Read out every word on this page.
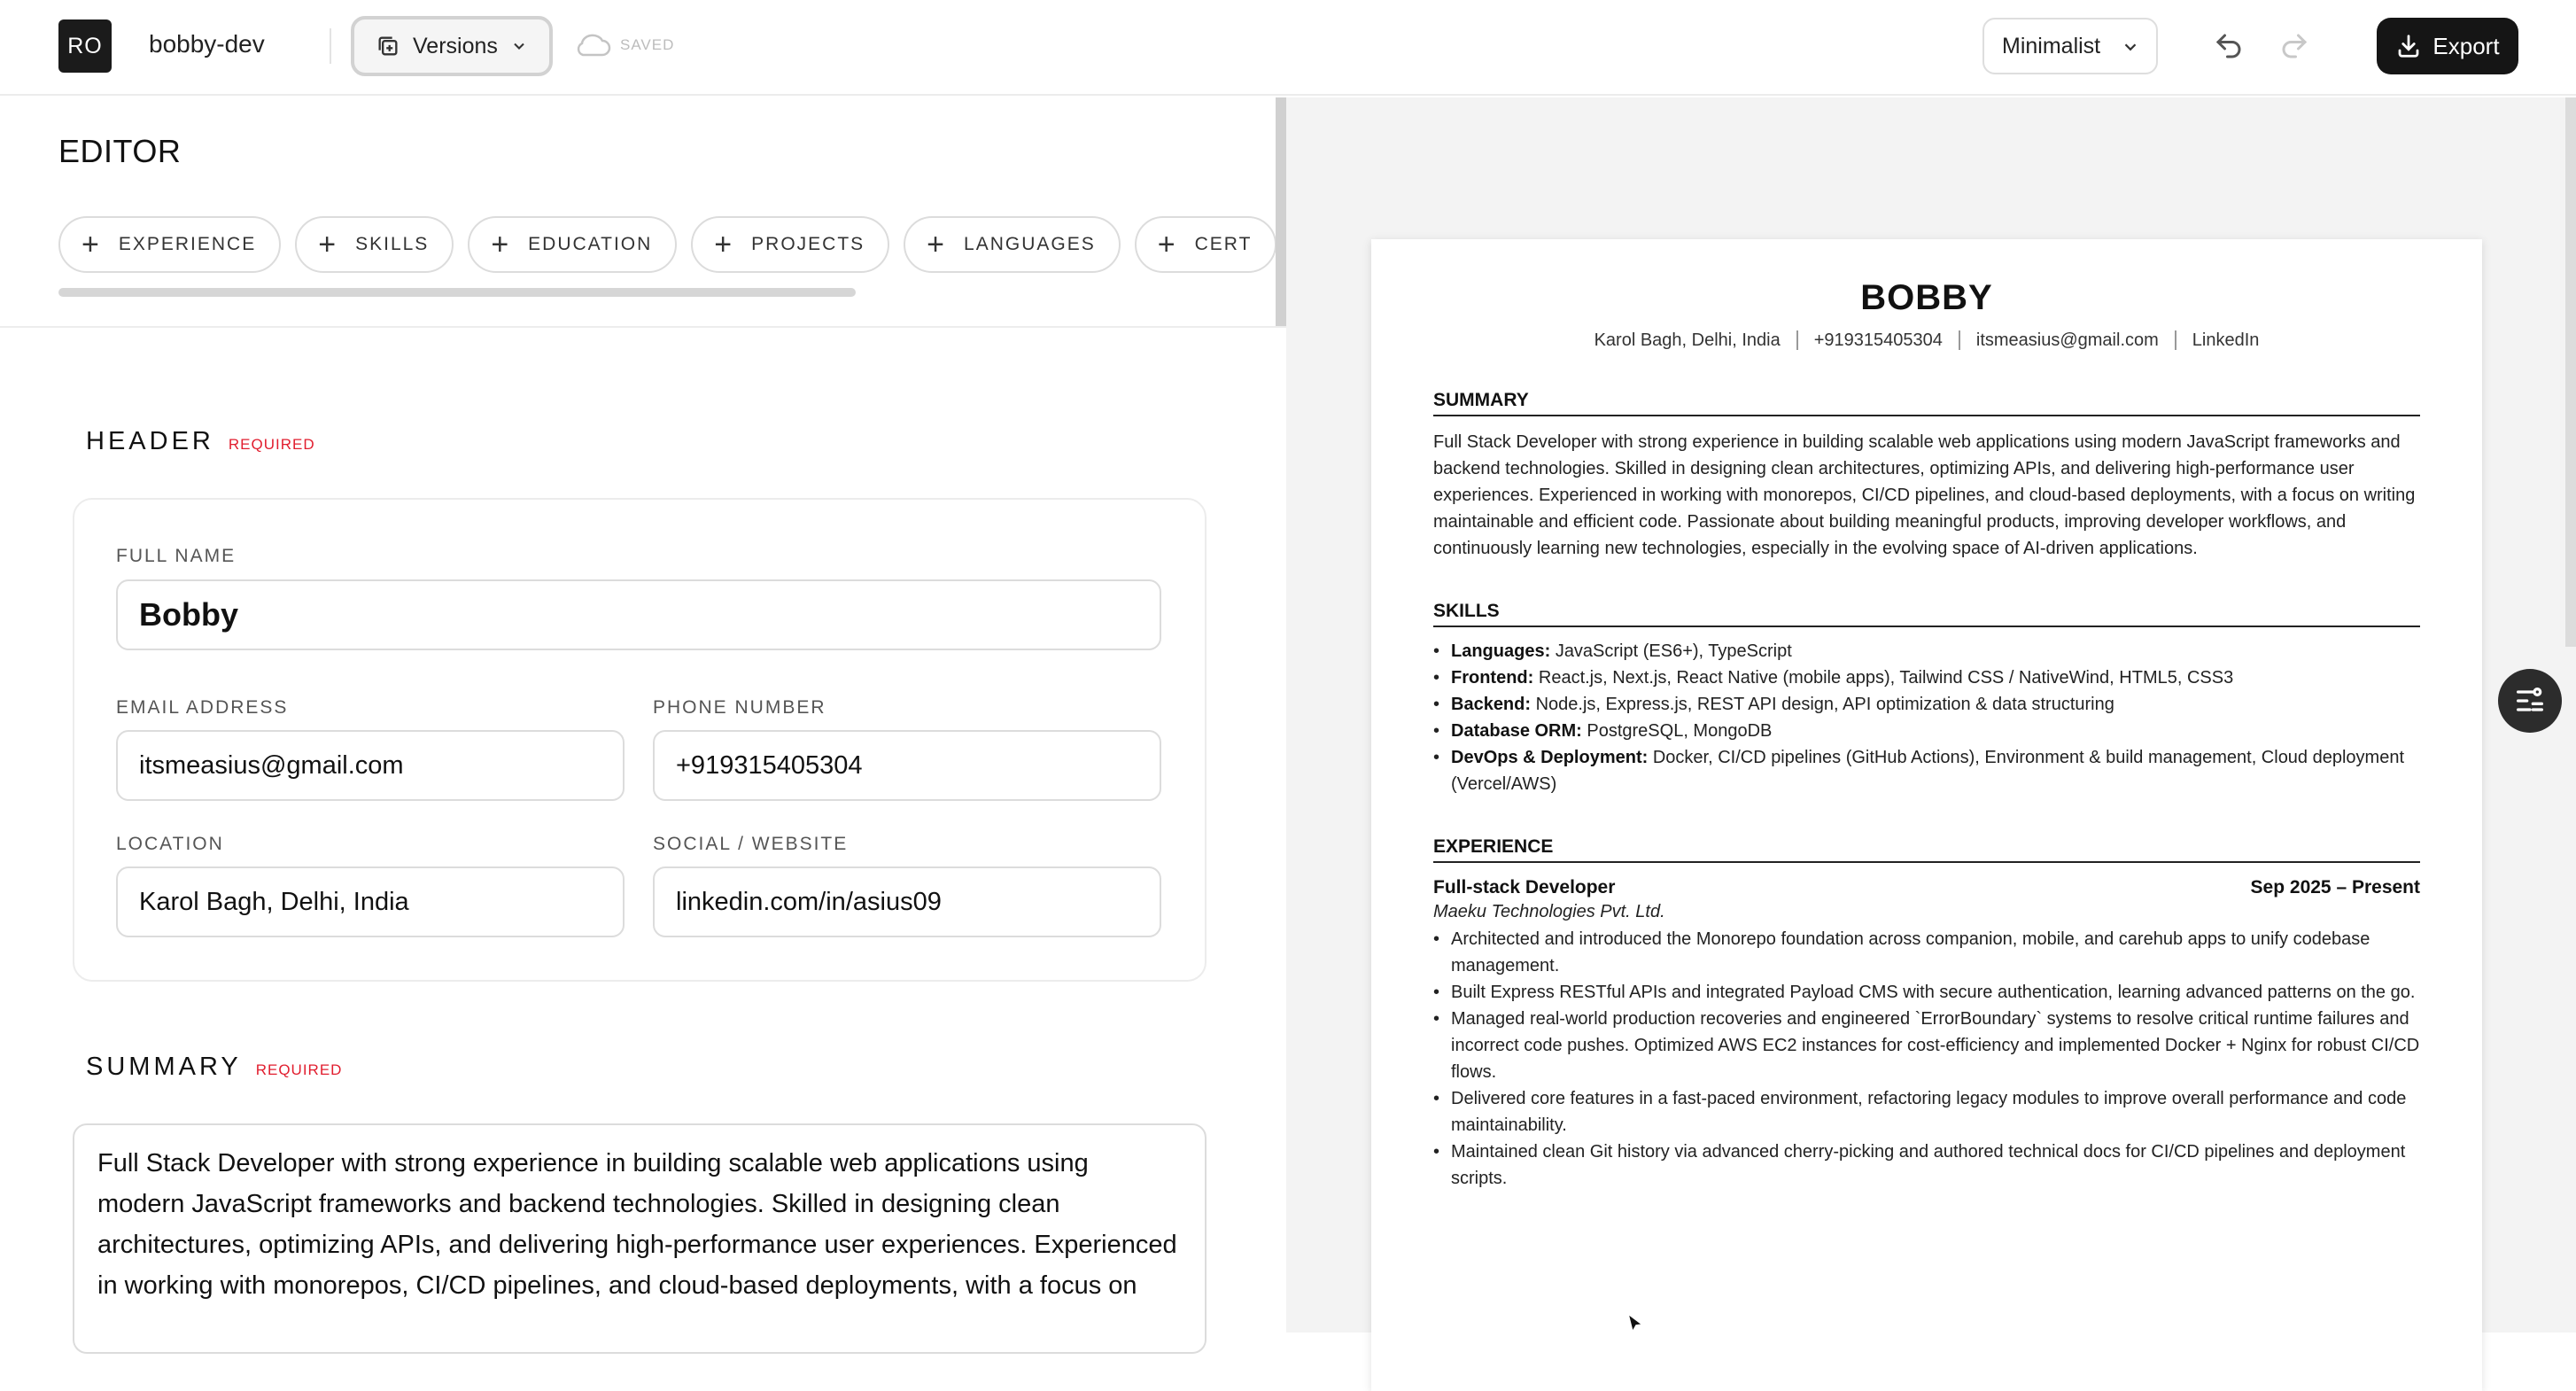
RO	bobby-dev	Versions	SAVED	Minimalist	Export
EDITOR
+ EXPERIENCE + SKILLS + EDUCATION + PROJECTS + LANGUAGES + CERT
HEADER REQUIRED
FULL NAME
Bobby
EMAIL ADDRESS
itsmeasius@gmail.com
PHONE NUMBER
+919315405304
LOCATION
Karol Bagh, Delhi, India
SOCIAL / WEBSITE
linkedin.com/in/asius09
SUMMARY REQUIRED
Full Stack Developer with strong experience in building scalable web applications using modern JavaScript frameworks and backend technologies. Skilled in designing clean architectures, optimizing APIs, and delivering high-performance user experiences. Experienced in working with monorepos, CI/CD pipelines, and cloud-based deployments, with a focus on
BOBBY
Karol Bagh, Delhi, India +919315405304 itsmeasius@gmail.com LinkedIn
SUMMARY
Full Stack Developer with strong experience in building scalable web applications using modern JavaScript frameworks and backend technologies. Skilled in designing clean architectures, optimizing APIs, and delivering high-performance user experiences. Experienced in working with monorepos, CI/CD pipelines, and cloud-based deployments, with a focus on writing maintainable and efficient code. Passionate about building meaningful products, improving developer workflows, and continuously learning new technologies, especially in the evolving space of AI-driven applications.
SKILLS
• Languages: JavaScript (ES6+), TypeScript
• Frontend: React.js, Next.js, React Native (mobile apps), Tailwind CSS / NativeWind, HTML5, CSS3
• Backend: Node.js, Express.js, REST API design, API optimization & data structuring
• Database ORM: PostgreSQL, MongoDB
• DevOps & Deployment: Docker, CI/CD pipelines (GitHub Actions), Environment & build management, Cloud deployment (Vercel/AWS)
EXPERIENCE
Full-stack Developer	Sep 2025 – Present
Maeku Technologies Pvt. Ltd.
• Architected and introduced the Monorepo foundation across companion, mobile, and carehub apps to unify codebase management.
• Built Express RESTful APIs and integrated Payload CMS with secure authentication, learning advanced patterns on the go.
• Managed real-world production recoveries and engineered `ErrorBoundary` systems to resolve critical runtime failures and incorrect code pushes. Optimized AWS EC2 instances for cost-efficiency and implemented Docker + Nginx for robust CI/CD flows.
• Delivered core features in a fast-paced environment, refactoring legacy modules to improve overall performance and code maintainability.
• Maintained clean Git history via advanced cherry-picking and authored technical docs for CI/CD pipelines and deployment scripts.
